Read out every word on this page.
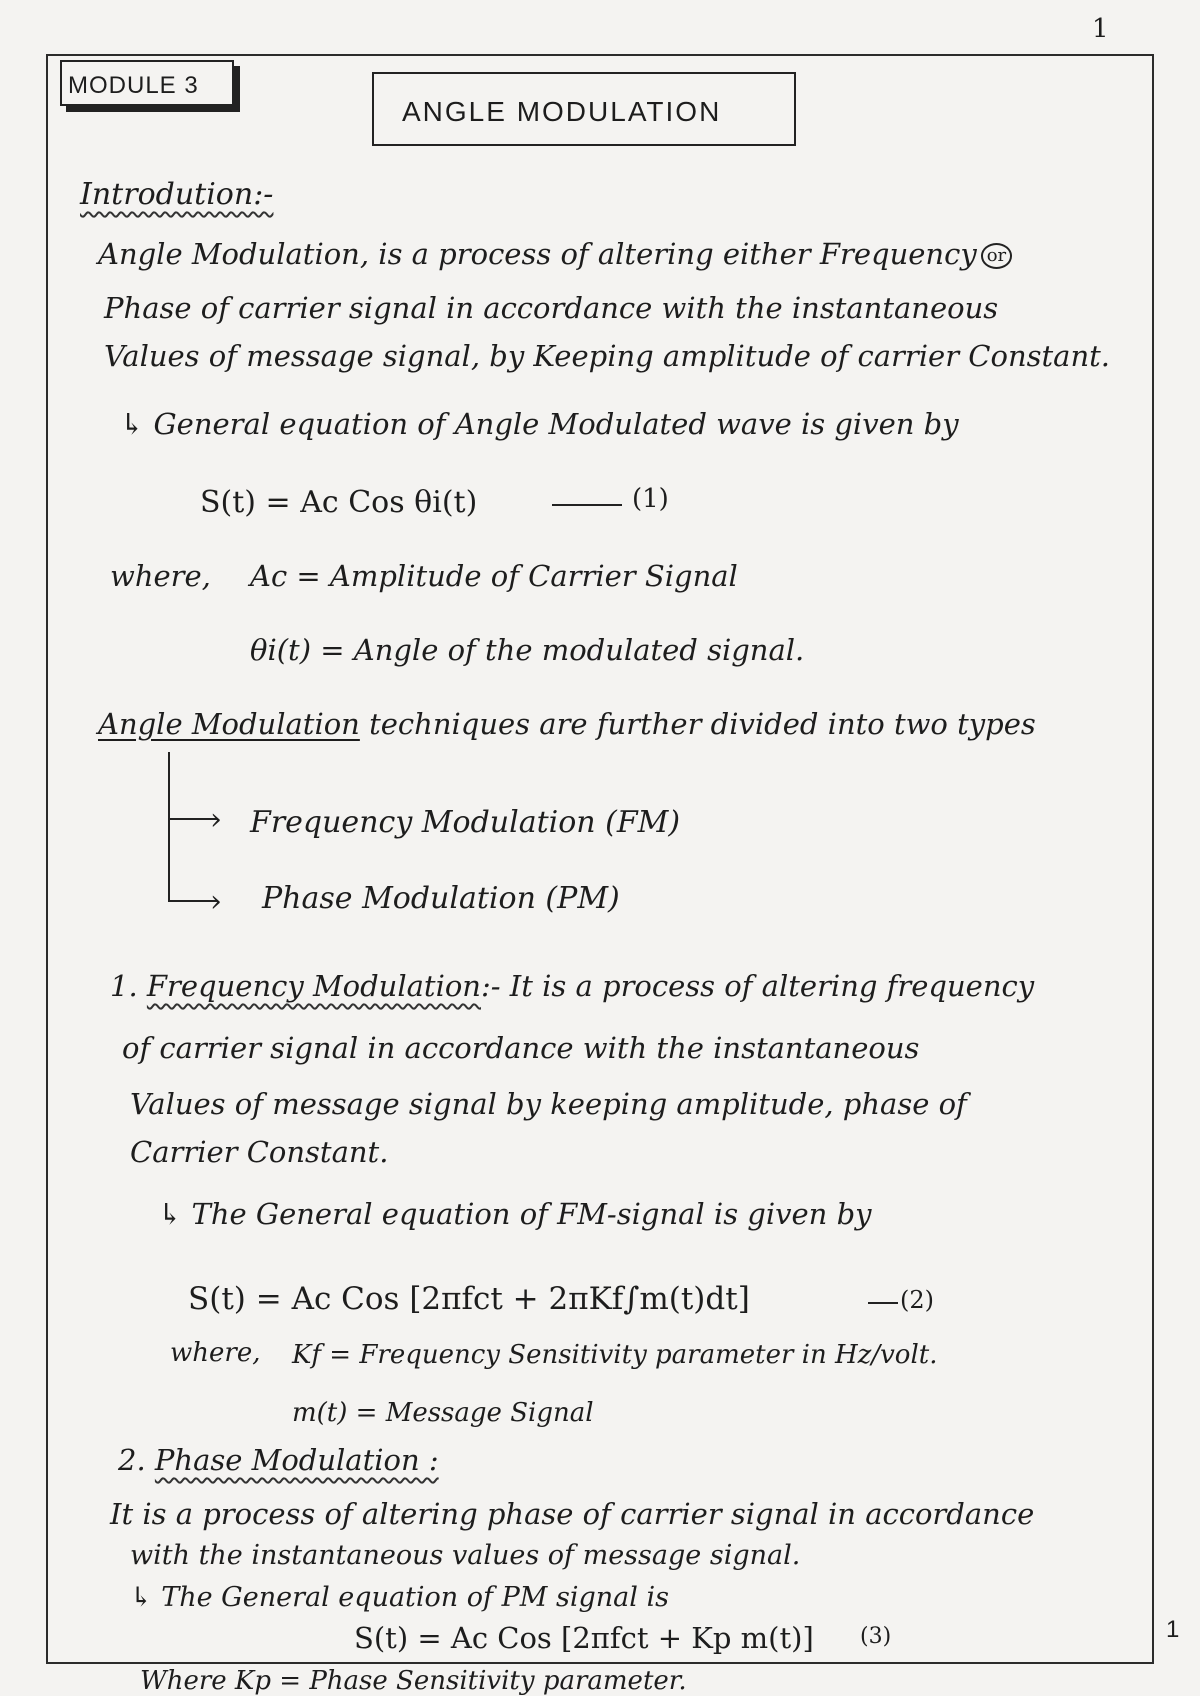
1
1
MODULE 3
ANGLE MODULATION
Introdution:-
Angle Modulation, is a process of altering either Frequency or
Phase of carrier signal in accordance with the instantaneous
Values of message signal, by Keeping amplitude of carrier Constant.
↳ General equation of Angle Modulated wave is given by
S(t) = Ac Cos θi(t)	(1)
where, Ac = Amplitude of Carrier Signal
θi(t) = Angle of the modulated signal.
Angle Modulation techniques are further divided into two types
› Frequency Modulation (FM)
› Phase Modulation (PM)
1. Frequency Modulation:- It is a process of altering frequency
of carrier signal in accordance with the instantaneous
Values of message signal by keeping amplitude, phase of
Carrier Constant.
↳ The General equation of FM-signal is given by
S(t) = Ac Cos [2πfct + 2πKf∫m(t)dt]	(2)
where, Kf = Frequency Sensitivity parameter in Hz/volt.
m(t) = Message Signal
2. Phase Modulation :
It is a process of altering phase of carrier signal in accordance
with the instantaneous values of message signal.
↳ The General equation of PM signal is
S(t) = Ac Cos [2πfct + Kp m(t)] (3)
Where Kp = Phase Sensitivity parameter.
